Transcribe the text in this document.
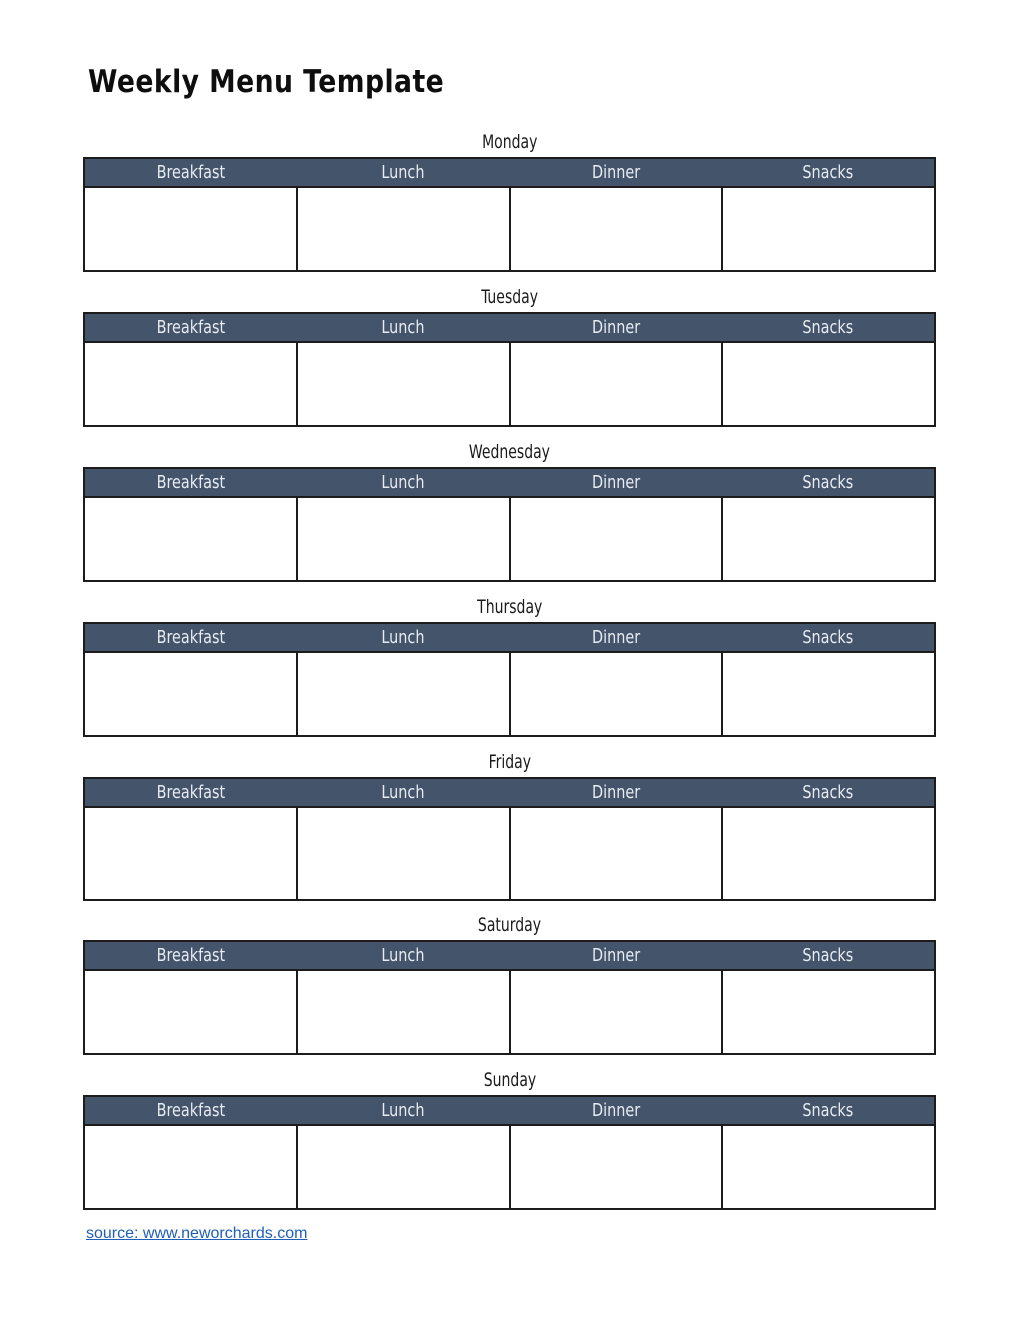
Weekly Menu Template
Monday
Breakfast	Lunch	Dinner	Snacks
Tuesday
Breakfast	Lunch	Dinner	Snacks
Wednesday
Breakfast	Lunch	Dinner	Snacks
Thursday
Breakfast	Lunch	Dinner	Snacks
Friday
Breakfast	Lunch	Dinner	Snacks
Saturday
Breakfast	Lunch	Dinner	Snacks
Sunday
Breakfast	Lunch	Dinner	Snacks
source: www.neworchards.com
